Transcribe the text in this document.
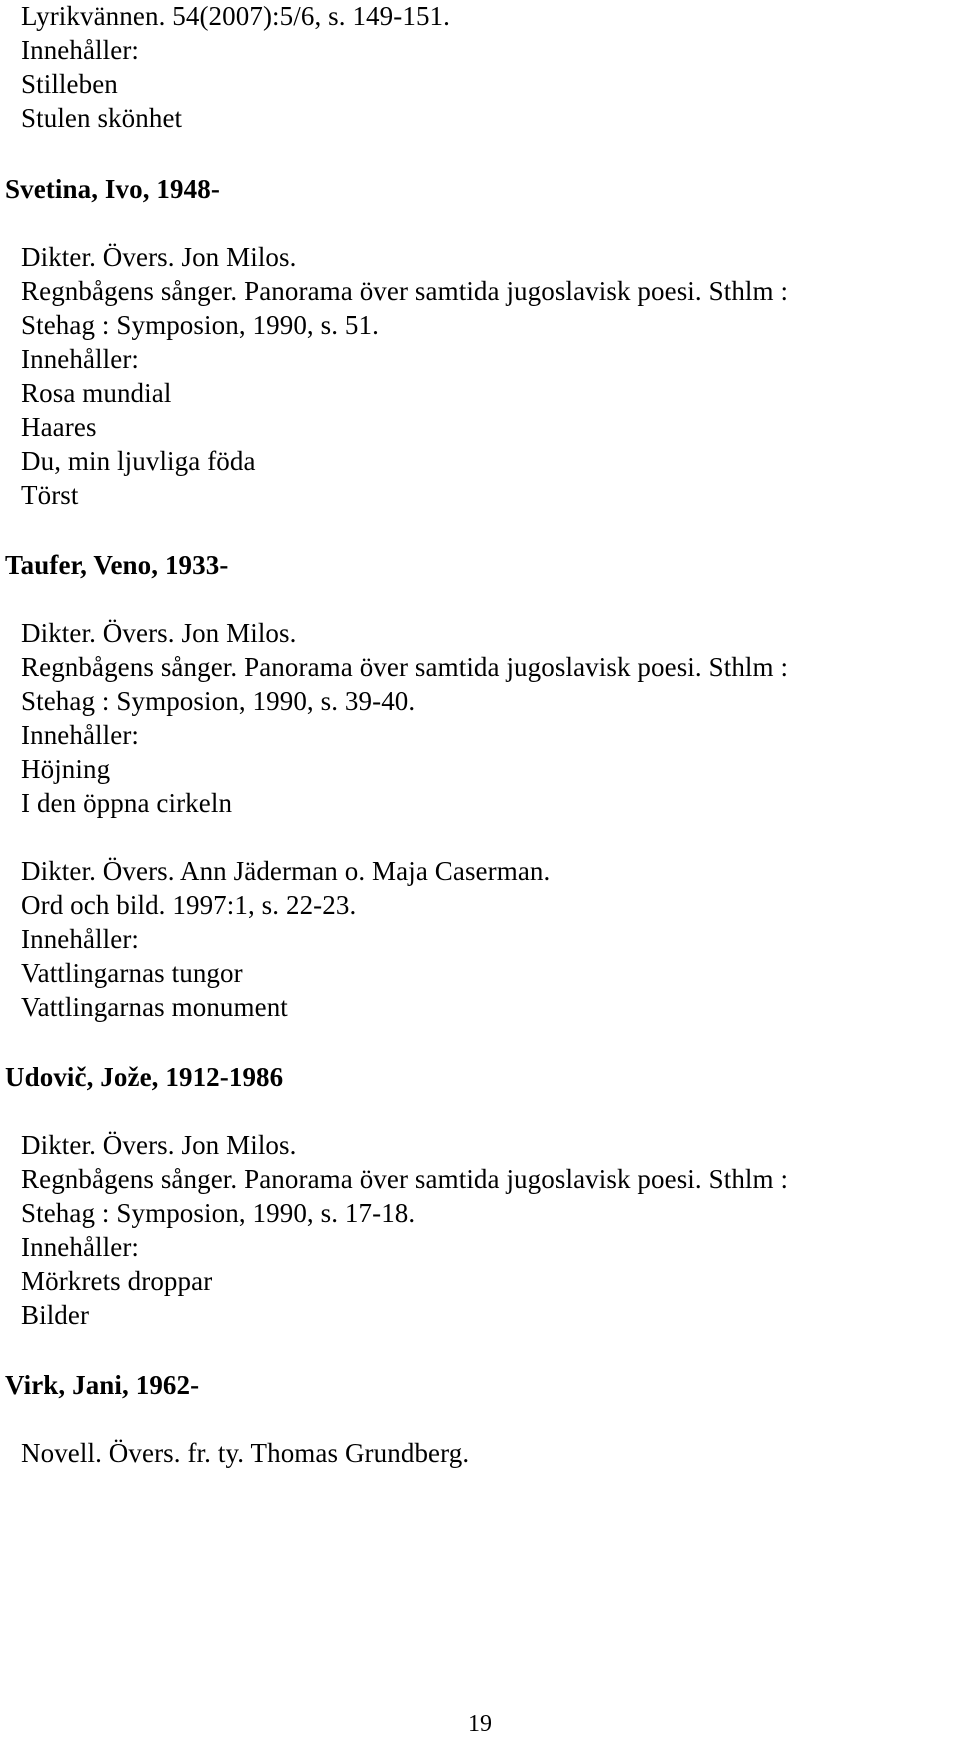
Lyrikvännen. 54(2007):5/6, s. 149-151.
Innehåller:
Stilleben
Stulen skönhet
Svetina, Ivo, 1948-
Dikter. Övers. Jon Milos.
Regnbågens sånger. Panorama över samtida jugoslavisk poesi. Sthlm :
Stehag : Symposion, 1990, s. 51.
Innehåller:
Rosa mundial
Haares
Du, min ljuvliga föda
Törst
Taufer, Veno, 1933-
Dikter. Övers. Jon Milos.
Regnbågens sånger. Panorama över samtida jugoslavisk poesi. Sthlm :
Stehag : Symposion, 1990, s. 39-40.
Innehåller:
Höjning
I den öppna cirkeln
Dikter. Övers. Ann Jäderman o. Maja Caserman.
Ord och bild. 1997:1, s. 22-23.
Innehåller:
Vattlingarnas tungor
Vattlingarnas monument
Udovič, Jože, 1912-1986
Dikter. Övers. Jon Milos.
Regnbågens sånger. Panorama över samtida jugoslavisk poesi. Sthlm :
Stehag : Symposion, 1990, s. 17-18.
Innehåller:
Mörkrets droppar
Bilder
Virk, Jani, 1962-
Novell. Övers. fr. ty. Thomas Grundberg.
19
